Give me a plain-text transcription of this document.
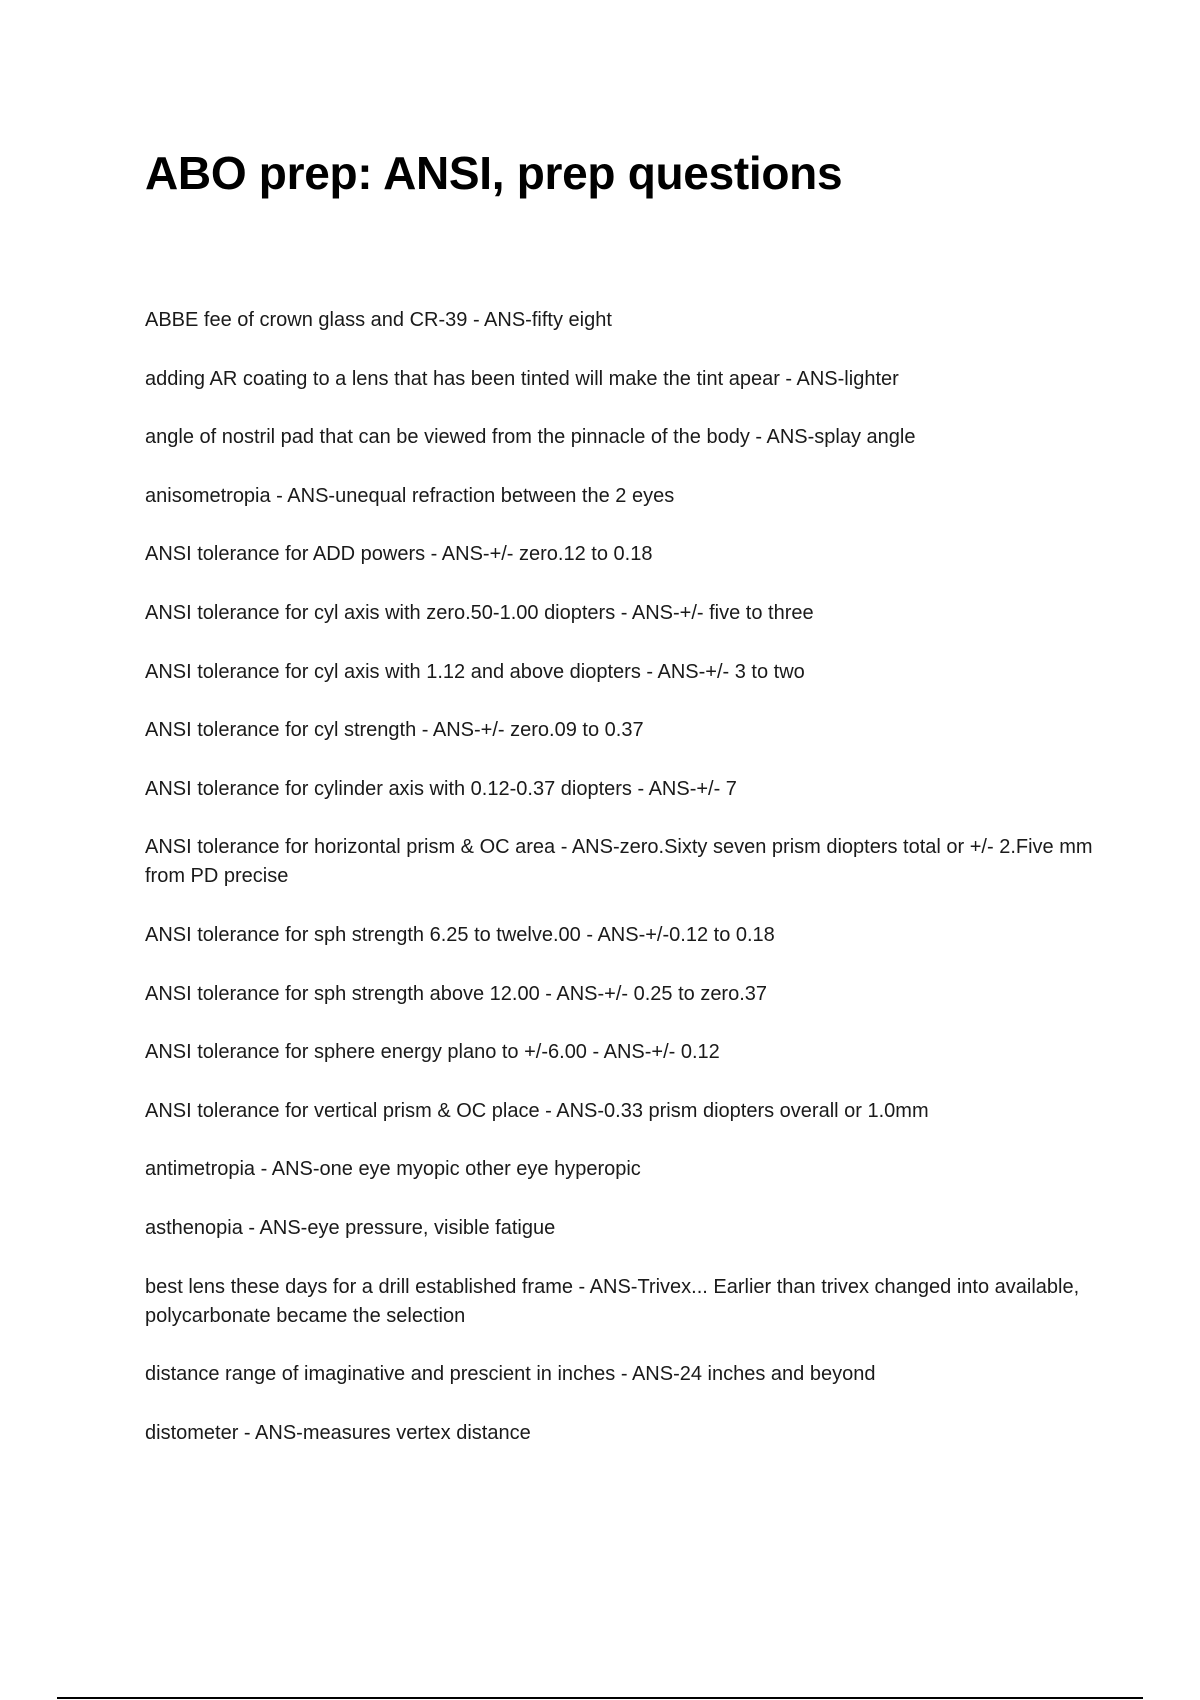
ABO prep: ANSI, prep questions
ABBE fee of crown glass and CR-39 - ANS-fifty eight
adding AR coating to a lens that has been tinted will make the tint apear - ANS-lighter
angle of nostril pad that can be viewed from the pinnacle of the body - ANS-splay angle
anisometropia - ANS-unequal refraction between the 2 eyes
ANSI tolerance for ADD powers - ANS-+/- zero.12 to 0.18
ANSI tolerance for cyl axis with zero.50-1.00 diopters - ANS-+/- five to three
ANSI tolerance for cyl axis with 1.12 and above diopters - ANS-+/- 3 to two
ANSI tolerance for cyl strength - ANS-+/- zero.09 to 0.37
ANSI tolerance for cylinder axis with 0.12-0.37 diopters - ANS-+/- 7
ANSI tolerance for horizontal prism & OC area - ANS-zero.Sixty seven prism diopters total or +/- 2.Five mm from PD precise
ANSI tolerance for sph strength 6.25 to twelve.00 - ANS-+/-0.12 to 0.18
ANSI tolerance for sph strength above 12.00 - ANS-+/- 0.25 to zero.37
ANSI tolerance for sphere energy plano to +/-6.00 - ANS-+/- 0.12
ANSI tolerance for vertical prism & OC place - ANS-0.33 prism diopters overall or 1.0mm
antimetropia - ANS-one eye myopic other eye hyperopic
asthenopia - ANS-eye pressure, visible fatigue
best lens these days for a drill established frame - ANS-Trivex... Earlier than trivex changed into available, polycarbonate became the selection
distance range of imaginative and prescient in inches - ANS-24 inches and beyond
distometer - ANS-measures vertex distance
